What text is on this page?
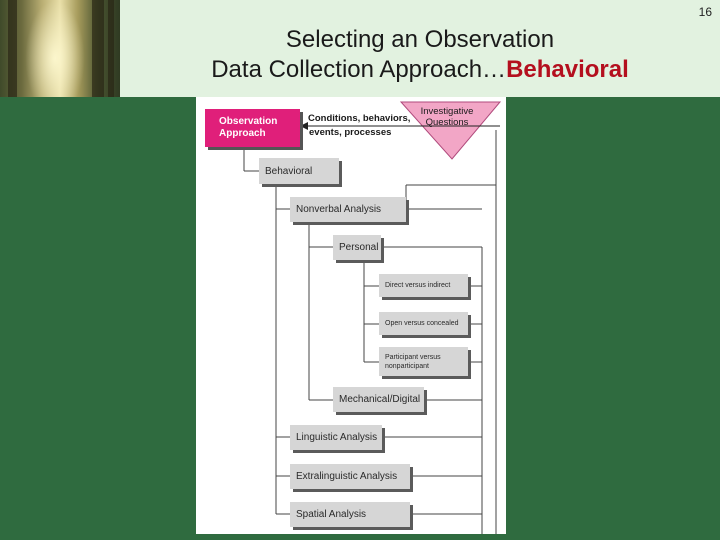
16
Selecting an Observation
Data Collection Approach…Behavioral
Observation Approach
Conditions, behaviors,
events, processes
Investigative Questions
Behavioral
Nonverbal Analysis
Personal
Direct versus indirect
Open versus concealed
Participant versus nonparticipant
Mechanical/Digital
Linguistic Analysis
Extralinguistic Analysis
Spatial Analysis
